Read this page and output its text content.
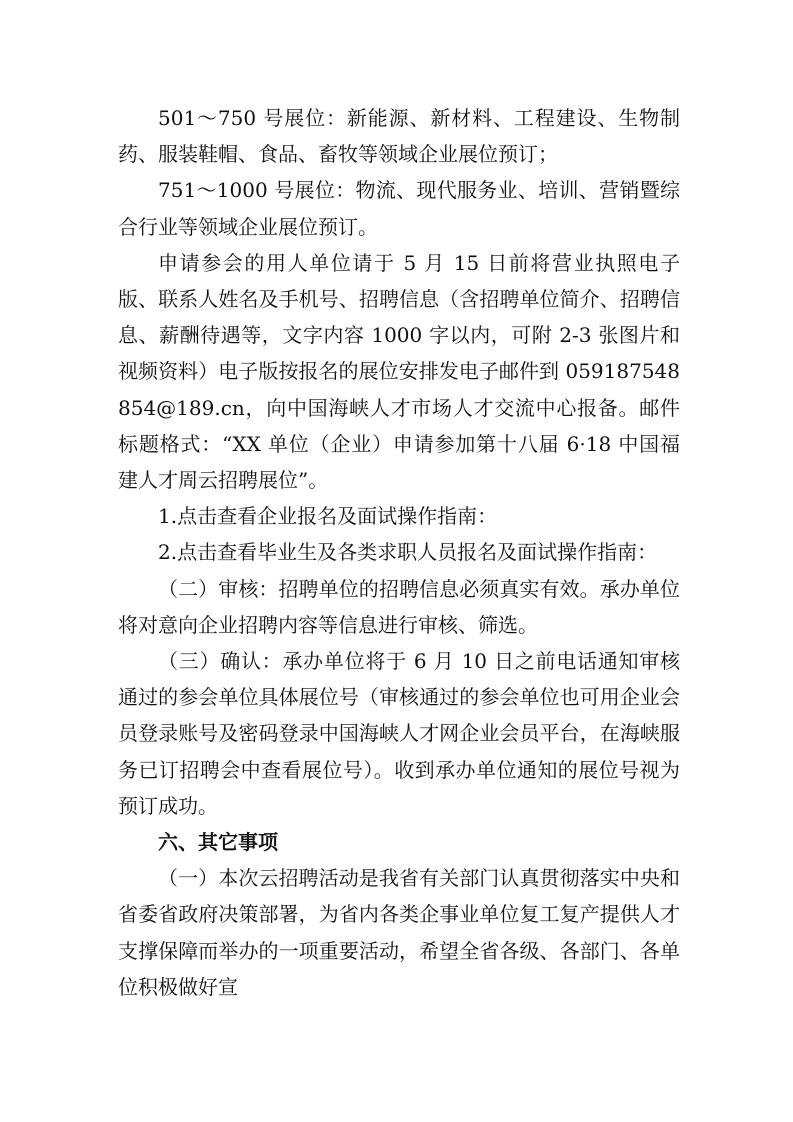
501～750 号展位：新能源、新材料、工程建设、生物制药、服装鞋帽、食品、畜牧等领域企业展位预订；

751～1000 号展位：物流、现代服务业、培训、营销暨综合行业等领域企业展位预订。

申请参会的用人单位请于 5 月 15 日前将营业执照电子版、联系人姓名及手机号、招聘信息（含招聘单位简介、招聘信息、薪酬待遇等，文字内容 1000 字以内，可附 2-3 张图片和视频资料）电子版按报名的展位安排发电子邮件到 05918754885​4@189.cn，向中国海峡人才市场人才交流中心报备。邮件标题格式：“XX 单位（企业）申请参加第十八届 6·18 中国福建人才周云招聘展位”。

1.点击查看企业报名及面试操作指南：

2.点击查看毕业生及各类求职人员报名及面试操作指南：

（二）审核：招聘单位的招聘信息必须真实有效。承办单位将对意向企业招聘内容等信息进行审核、筛选。

（三）确认：承办单位将于 6 月 10 日之前电话通知审核通过的参会单位具体展位号（审核通过的参会单位也可用企业会员登录账号及密码登录中国海峡人才网企业会员平台，在海峡服务已订招聘会中查看展位号）。收到承办单位通知的展位号视为预订成功。

六、其它事项

（一）本次云招聘活动是我省有关部门认真贯彻落实中央和省委省政府决策部署，为省内各类企事业单位复工复产提供人才支撑保障而举办的一项重要活动，希望全省各级、各部门、各单位积极做好宣
